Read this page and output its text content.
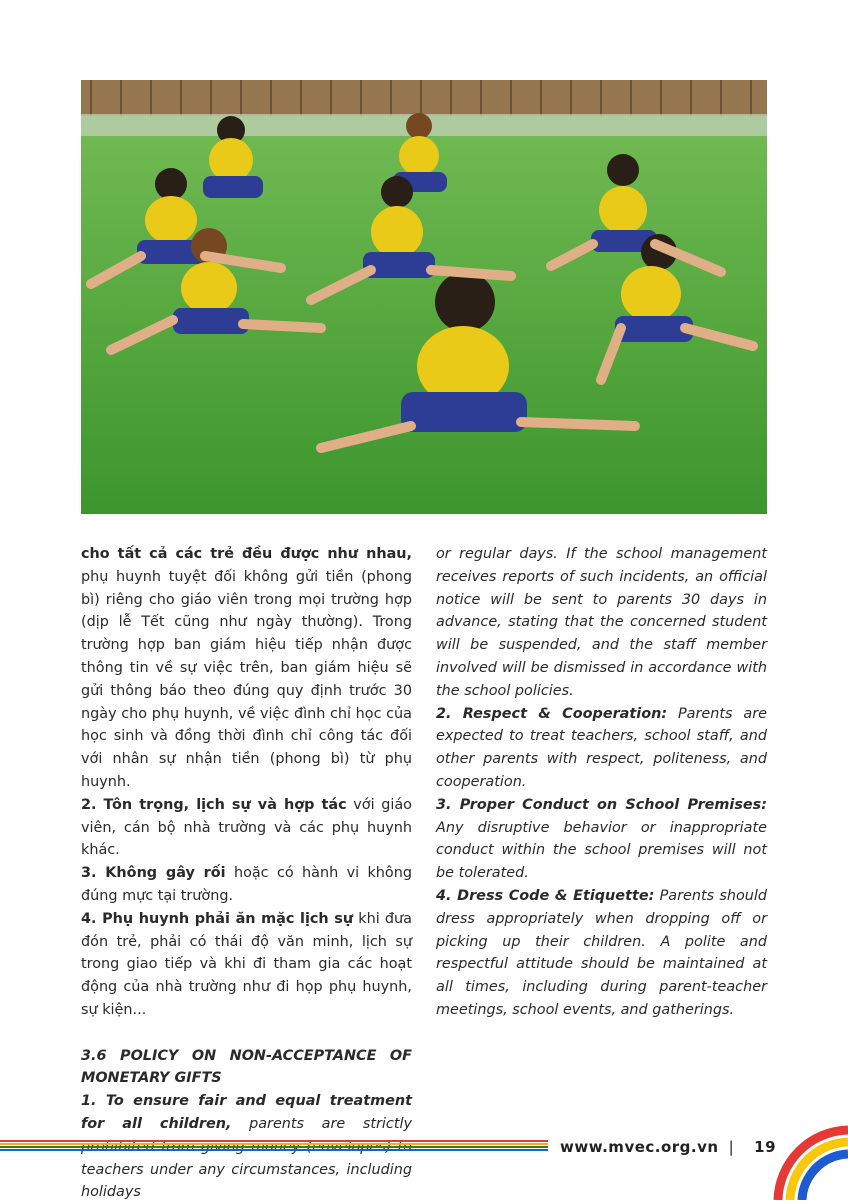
cho tất cả các trẻ đều được như nhau, phụ huynh tuyệt đối không gửi tiền (phong bì) riêng cho giáo viên trong mọi trường hợp (dịp lễ Tết cũng như ngày thường). Trong trường hợp ban giám hiệu tiếp nhận được thông tin về sự việc trên, ban giám hiệu sẽ gửi thông báo theo đúng quy định trước 30 ngày cho phụ huynh, về việc đình chỉ học của học sinh và đồng thời đình chỉ công tác đối với nhân sự nhận tiền (phong bì) từ phụ huynh.

2. Tôn trọng, lịch sự và hợp tác với giáo viên, cán bộ nhà trường và các phụ huynh khác.

3. Không gây rối hoặc có hành vi không đúng mực tại trường.

4. Phụ huynh phải ăn mặc lịch sự khi đưa đón trẻ, phải có thái độ văn minh, lịch sự trong giao tiếp và khi đi tham gia các hoạt động của nhà trường như đi họp phụ huynh, sự kiện...

3.6 POLICY ON NON-ACCEPTANCE OF MONETARY GIFTS

1. To ensure fair and equal treatment for all children, parents are strictly teachers under any circumstances, including holidays

or regular days. If the school management receives reports of such incidents, an official notice will be sent to parents 30 days in advance, stating that the concerned student will be suspended, and the staff member involved will be dismissed in accordance with the school policies.

2. Respect & Cooperation: Parents are expected to treat teachers, school staff, and other parents with respect, politeness, and cooperation.

3. Proper Conduct on School Premises: Any disruptive behavior or inappropriate conduct within the school premises will not be tolerated.

4. Dress Code & Etiquette: Parents should dress appropriately when dropping off or picking up their children. A polite and respectful attitude should be maintained at all times, including during parent-teacher meetings, school events, and gatherings.

www.mvec.org.vn | 19
